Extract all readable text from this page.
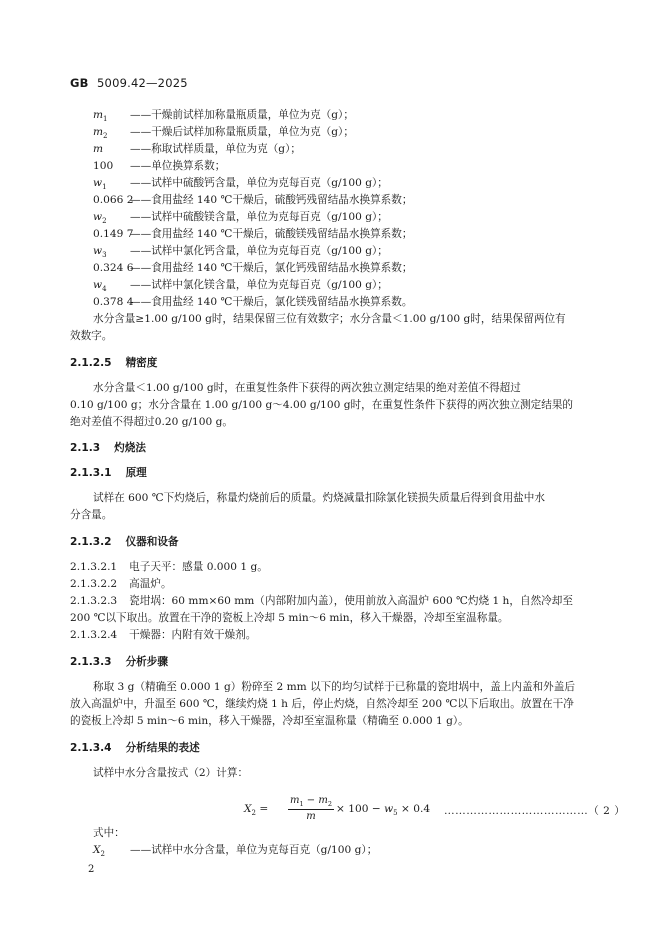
GB 5009.42—2025
$m_1$ ——干燥前试样加称量瓶质量，单位为克（g）；
$m_2$ ——干燥后试样加称量瓶质量，单位为克（g）；
m	——称取试样质量，单位为克（g）；
100 ——单位换算系数；
$w_1$ ——试样中硫酸钙含量，单位为克每百克（g/100 g）；
0.066 2
——食用盐经 140 ℃干燥后，硫酸钙残留结晶水换算系数；
$w_2$ ——试样中硫酸镁含量，单位为克每百克（g/100 g）；
0.149 7
——食用盐经 140 ℃干燥后，硫酸镁残留结晶水换算系数；
$w_3$ ——试样中氯化钙含量，单位为克每百克（g/100 g）；
0.324 6
——食用盐经 140 ℃干燥后，氯化钙残留结晶水换算系数；
$w_4$ ——试样中氯化镁含量，单位为克每百克（g/100 g）；
0.378 4
——食用盐经 140 ℃干燥后，氯化镁残留结晶水换算系数。
水分含量≥1.00 g/100 g时，结果保留三位有效数字；水分含量＜1.00 g/100 g时，结果保留两位有
效数字。
2.1.2.5 精密度
水分含量＜1.00 g/100 g时，在重复性条件下获得的两次独立测定结果的绝对差值不得超过
0.10 g/100 g；水分含量在 1.00 g/100 g～4.00 g/100 g时，在重复性条件下获得的两次独立测定结果的
绝对差值不得超过0.20 g/100 g。
2.1.3 灼烧法
2.1.3.1 原理
试样在 600 ℃下灼烧后，称量灼烧前后的质量。灼烧减量扣除氯化镁损失质量后得到食用盐中水
分含量。
2.1.3.2 仪器和设备
2.1.3.2.1 电子天平：感量 0.000 1 g。
2.1.3.2.2 高温炉。
2.1.3.2.3 瓷坩埚：60 mm×60 mm（内部附加内盖），使用前放入高温炉 600 ℃灼烧 1 h，自然冷却至
200 ℃以下取出。放置在干净的瓷板上冷却 5 min～6 min，移入干燥器，冷却至室温称量。
2.1.3.2.4 干燥器：内附有效干燥剂。
2.1.3.3 分析步骤
称取 3 g（精确至 0.000 1 g）粉碎至 2 mm 以下的均匀试样于已称量的瓷坩埚中，盖上内盖和外盖后
放入高温炉中，升温至 600 ℃，继续灼烧 1 h 后，停止灼烧，自然冷却至 200 ℃以下后取出。放置在干净
的瓷板上冷却 5 min～6 min，移入干燥器，冷却至室温称量（精确至 0.000 1 g）。
2.1.3.4 分析结果的表述
试样中水分含量按式（2）计算：
$X_2 = \frac{m_1 - m_2}{m} \times 100 - w_5 \times 0.4$ …………………………………（ 2 ）
式中：
$X_2$ ——试样中水分含量，单位为克每百克（g/100 g）；
2
